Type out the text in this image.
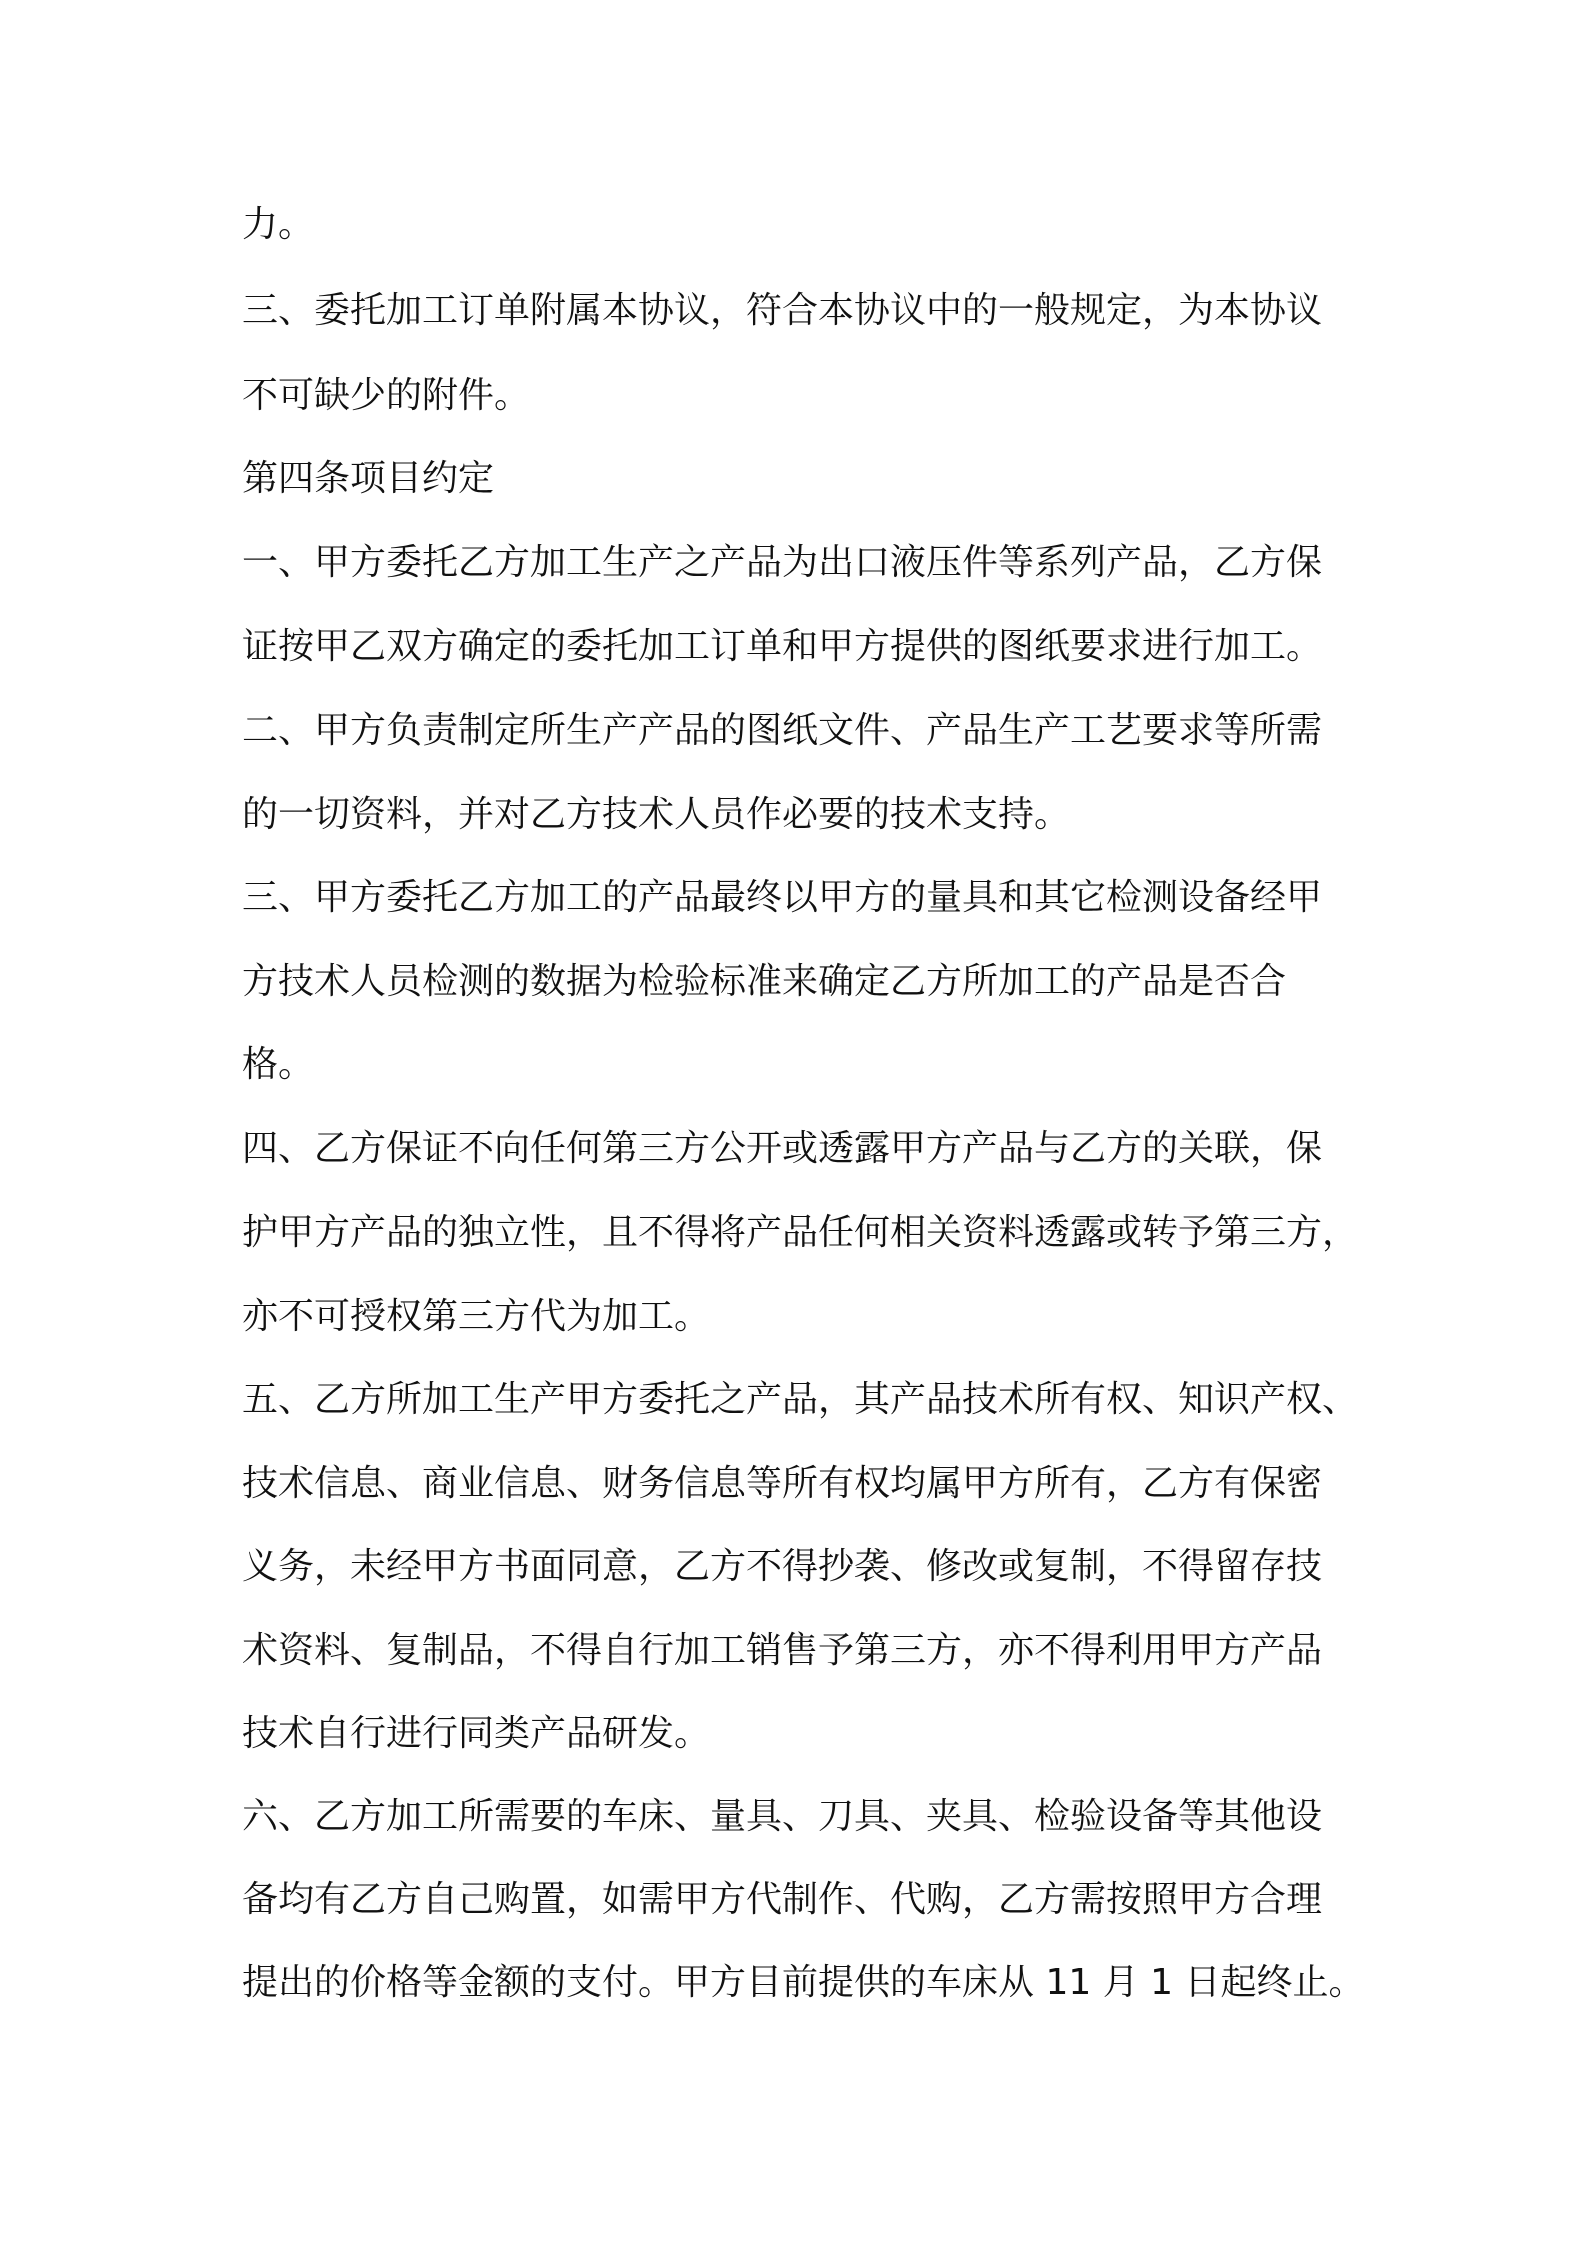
力。
三、委托加工订单附属本协议，符合本协议中的一般规定，为本协议
不可缺少的附件。
第四条项目约定
一、甲方委托乙方加工生产之产品为出口液压件等系列产品，乙方保
证按甲乙双方确定的委托加工订单和甲方提供的图纸要求进行加工。
二、甲方负责制定所生产产品的图纸文件、产品生产工艺要求等所需
的一切资料，并对乙方技术人员作必要的技术支持。
三、甲方委托乙方加工的产品最终以甲方的量具和其它检测设备经甲
方技术人员检测的数据为检验标准来确定乙方所加工的产品是否合
格。
四、乙方保证不向任何第三方公开或透露甲方产品与乙方的关联，保
护甲方产品的独立性，且不得将产品任何相关资料透露或转予第三方，
亦不可授权第三方代为加工。
五、乙方所加工生产甲方委托之产品，其产品技术所有权、知识产权、
技术信息、商业信息、财务信息等所有权均属甲方所有，乙方有保密
义务，未经甲方书面同意，乙方不得抄袭、修改或复制，不得留存技
术资料、复制品，不得自行加工销售予第三方，亦不得利用甲方产品
技术自行进行同类产品研发。
六、乙方加工所需要的车床、量具、刀具、夹具、检验设备等其他设
备均有乙方自己购置，如需甲方代制作、代购，乙方需按照甲方合理
提出的价格等金额的支付。甲方目前提供的车床从 11 月 1 日起终止。
